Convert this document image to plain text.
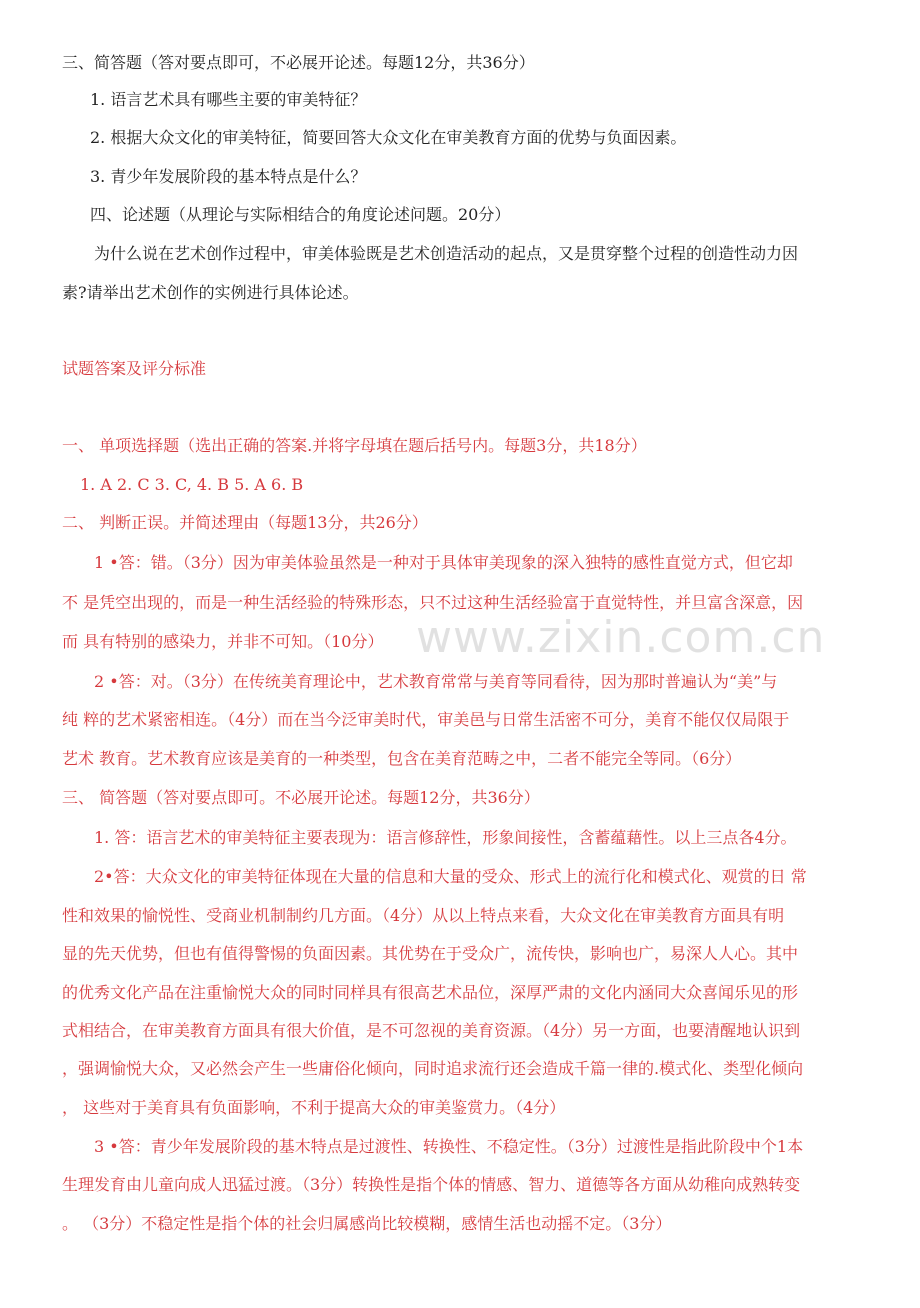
三、简答题（答对要点即可，不必展开论述。每题12分，共36分）
1. 语言艺术具有哪些主要的审美特征？
2. 根据大众文化的审美特征，简要回答大众文化在审美教育方面的优势与负面因素。
3. 青少年发展阶段的基本特点是什么？
四、论述题（从理论与实际相结合的角度论述问题。20分）
为什么说在艺术创作过程中，审美体验既是艺术创造活动的起点，又是贯穿整个过程的创造性动力因
素?请举出艺术创作的实例进行具体论述。
试题答案及评分标准
一、 单项选择题（选出正确的答案.并将字母填在题后括号内。每题3分，共18分）
1. A 2. C 3. C, 4. B 5. A 6. B
二、 判断正误。并简述理由（每题13分，共26分）
1 •答：错。（3分）因为审美体验虽然是一种对于具体审美现象的深入独特的感性直觉方式，但它却
不 是凭空出现的，而是一种生活经验的特殊形态，只不过这种生活经验富于直觉特性，并旦富含深意，因
而 具有特别的感染力，并非不可知。（10分）
2 •答：对。（3分）在传统美育理论中，艺术教育常常与美育等同看待，因为那时普遍认为“美”与
纯 粹的艺术紧密相连。（4分）而在当今泛审美时代，审美邑与日常生活密不可分，美育不能仅仅局限于
艺术 教育。艺术教育应该是美育的一种类型，包含在美育范畴之中，二者不能完全等同。（6分）
三、 简答题（答对要点即可。不必展开论述。每题12分，共36分）
1. 答：语言艺术的审美特征主要表现为：语言修辞性，形象间接性，含蓄蕴藉性。以上三点各4分。
2•答：大众文化的审美特征体现在大量的信息和大量的受众、形式上的流行化和模式化、观赏的日 常
性和效果的愉悦性、受商业机制制约几方面。（4分）从以上特点来看，大众文化在审美教育方面具有明
显的先天优势，但也有值得警惕的负面因素。其优势在于受众广，流传快，影响也广，易深人人心。其中
的优秀文化产品在注重愉悦大众的同时同样具有很高艺术品位，深厚严肃的文化内涵同大众喜闻乐见的形
式相结合，在审美教育方面具有很大价值，是不可忽视的美育资源。（4分）另一方面，也要清醒地认识到
，强调愉悦大众，又必然会产生一些庸俗化倾向，同时追求流行还会造成千篇一律的.模式化、类型化倾向
， 这些对于美育具有负面影响，不利于提高大众的审美鉴赏力。（4分）
3 •答：青少年发展阶段的基木特点是过渡性、转换性、不稳定性。（3分）过渡性是指此阶段中个1本
生理发育由儿童向成人迅猛过渡。（3分）转换性是指个体的情感、智力、道德等各方面从幼稚向成熟转变
。 （3分）不稳定性是指个体的社会归属感尚比较模糊，感情生活也动摇不定。（3分）
www.zixin.com.cn
